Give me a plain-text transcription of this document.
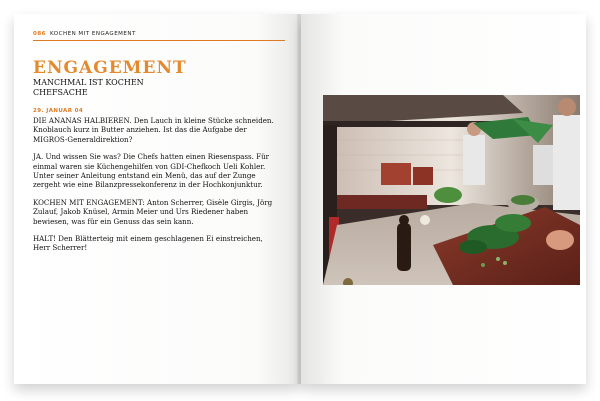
086 KOCHEN MIT ENGAGEMENT
ENGAGEMENT
MANCHMAL IST KOCHEN
CHEFSACHE
29. JANUAR 04

DIE ANANAS HALBIEREN. Den Lauch in kleine Stücke schneiden. Knoblauch kurz in Butter anziehen. Ist das die Aufgabe der MIGROS-Generaldirektion?

JA. Und wissen Sie was? Die Chefs hatten einen Riesenspass. Für einmal waren sie Küchengehilfen von GDI-Chefkoch Ueli Kohler. Unter seiner Anleitung entstand ein Menü, das auf der Zunge zergeht wie eine Bilanzpressekonferenz in der Hochkonjunktur.

KOCHEN MIT ENGAGEMENT: Anton Scherrer, Gisèle Girgis, Jörg Zulauf, Jakob Knüsel, Armin Meier und Urs Riedener haben bewiesen, was für ein Genuss das sein kann.

HALT! Den Blätterteig mit einem geschlagenen Ei einstreichen, Herr Scherrer!
